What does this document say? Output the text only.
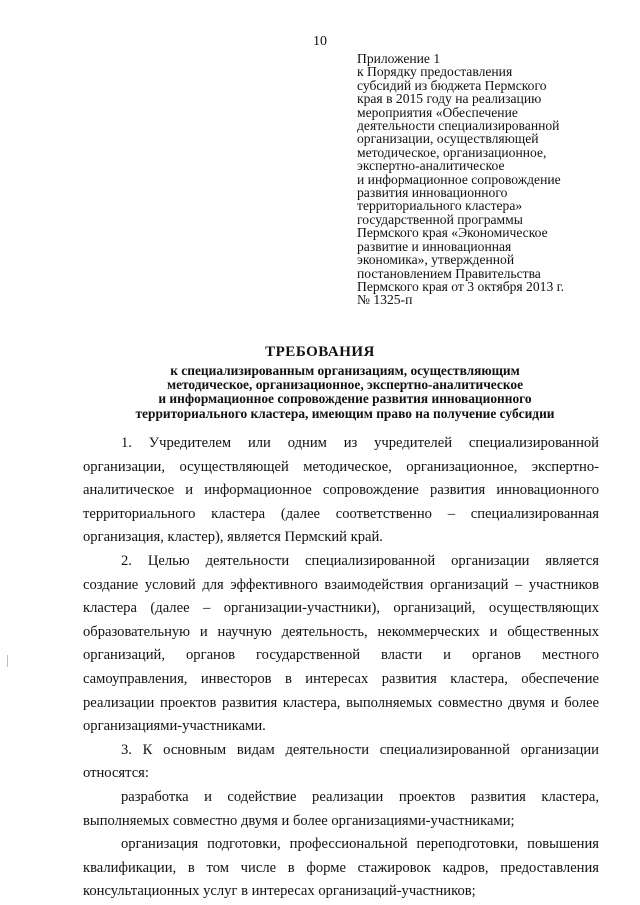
10
Приложение 1
к Порядку предоставления
субсидий из бюджета Пермского
края в 2015 году на реализацию
мероприятия «Обеспечение
деятельности специализированной
организации, осуществляющей
методическое, организационное,
экспертно-аналитическое
и информационное сопровождение
развития инновационного
территориального кластера»
государственной программы
Пермского края «Экономическое
развитие и инновационная
экономика», утвержденной
постановлением Правительства
Пермского края от 3 октября 2013 г.
№ 1325-п
ТРЕБОВАНИЯ
к специализированным организациям, осуществляющим
методическое, организационное, экспертно-аналитическое
и информационное сопровождение развития инновационного
территориального кластера, имеющим право на получение субсидии
1. Учредителем или одним из учредителей специализированной
организации, осуществляющей методическое, организационное, экспертно-
аналитическое и информационное сопровождение развития инновационного
территориального кластера (далее соответственно – специализированная
организация, кластер), является Пермский край.
2. Целью деятельности специализированной организации является
создание условий для эффективного взаимодействия организаций – участников
кластера (далее – организации-участники), организаций, осуществляющих
образовательную и научную деятельность, некоммерческих и общественных
организаций, органов государственной власти и органов местного
самоуправления, инвесторов в интересах развития кластера, обеспечение
реализации проектов развития кластера, выполняемых совместно двумя и более
организациями-участниками.
3. К основным видам деятельности специализированной организации
относятся:
разработка и содействие реализации проектов развития кластера,
выполняемых совместно двумя и более организациями-участниками;
организация подготовки, профессиональной переподготовки, повышения
квалификации, в том числе в форме стажировок кадров, предоставления
консультационных услуг в интересах организаций-участников;
